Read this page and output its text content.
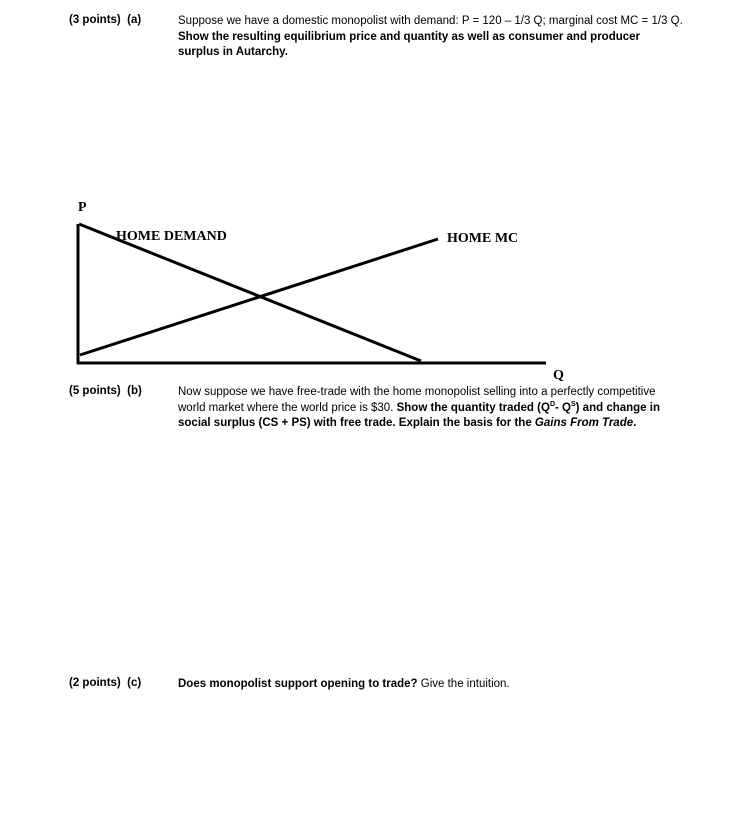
(3 points) (a)	Suppose we have a domestic monopolist with demand: P = 120 – 1/3 Q; marginal cost MC = 1/3 Q. Show the resulting equilibrium price and quantity as well as consumer and producer surplus in Autarchy.
P
Q
HOME DEMAND	HOME MC
(5 points) (b)	Now suppose we have free-trade with the home monopolist selling into a perfectly competitive world market where the world price is $30. Show the quantity traded ($Q^D-$ $Q^S$) and change in social surplus (CS + PS) with free trade. Explain the basis for the Gains From Trade.
(2 points) (c)	Does monopolist support opening to trade? Give the intuition.
